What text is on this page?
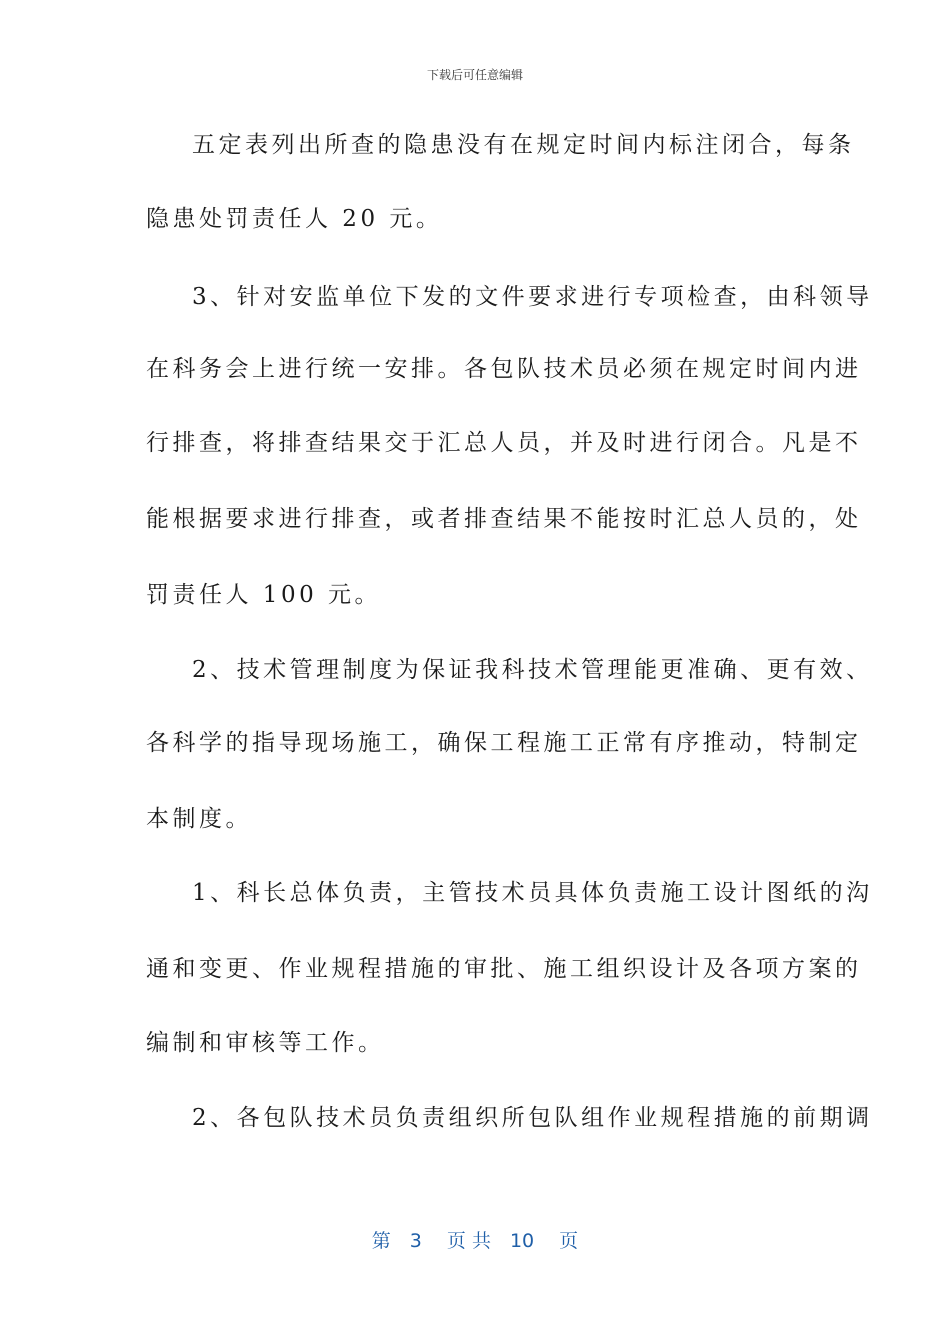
下载后可任意编辑
五定表列出所查的隐患没有在规定时间内标注闭合，每条
隐患处罚责任人 20 元。
3、针对安监单位下发的文件要求进行专项检查，由科领导
在科务会上进行统一安排。各包队技术员必须在规定时间内进
行排查，将排查结果交于汇总人员，并及时进行闭合。凡是不
能根据要求进行排查，或者排查结果不能按时汇总人员的，处
罚责任人 100 元。
2、技术管理制度为保证我科技术管理能更准确、更有效、
各科学的指导现场施工，确保工程施工正常有序推动，特制定
本制度。
1、科长总体负责，主管技术员具体负责施工设计图纸的沟
通和变更、作业规程措施的审批、施工组织设计及各项方案的
编制和审核等工作。
2、各包队技术员负责组织所包队组作业规程措施的前期调
第　3　 页 共　10　 页
